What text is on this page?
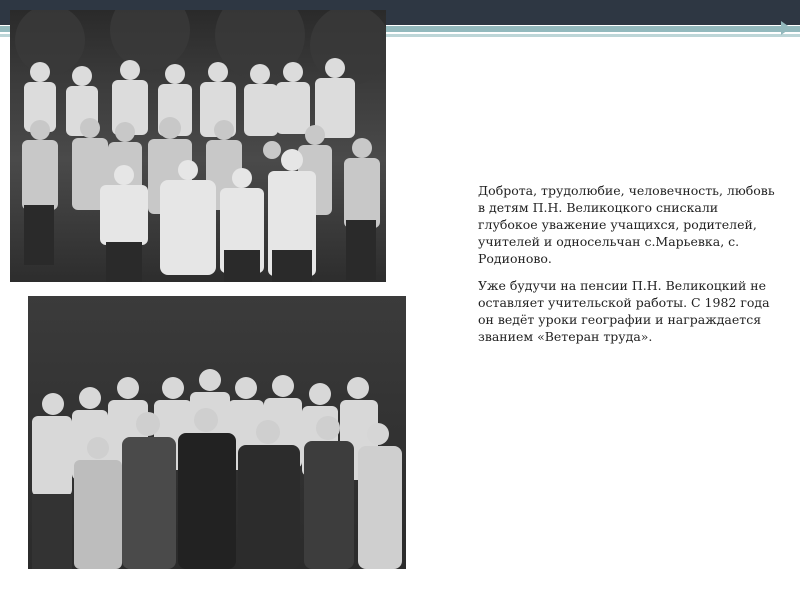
Доброта, трудолюбие, человечность, любовь в детям П.Н. Великоцкого снискали глубокое уважение учащихся, родителей, учителей и односельчан с.Марьевка, с. Родионово.

Уже будучи на пенсии П.Н. Великоцкий не оставляет учительской работы. С 1982 года он ведёт уроки географии и награждается званием «Ветеран труда».
